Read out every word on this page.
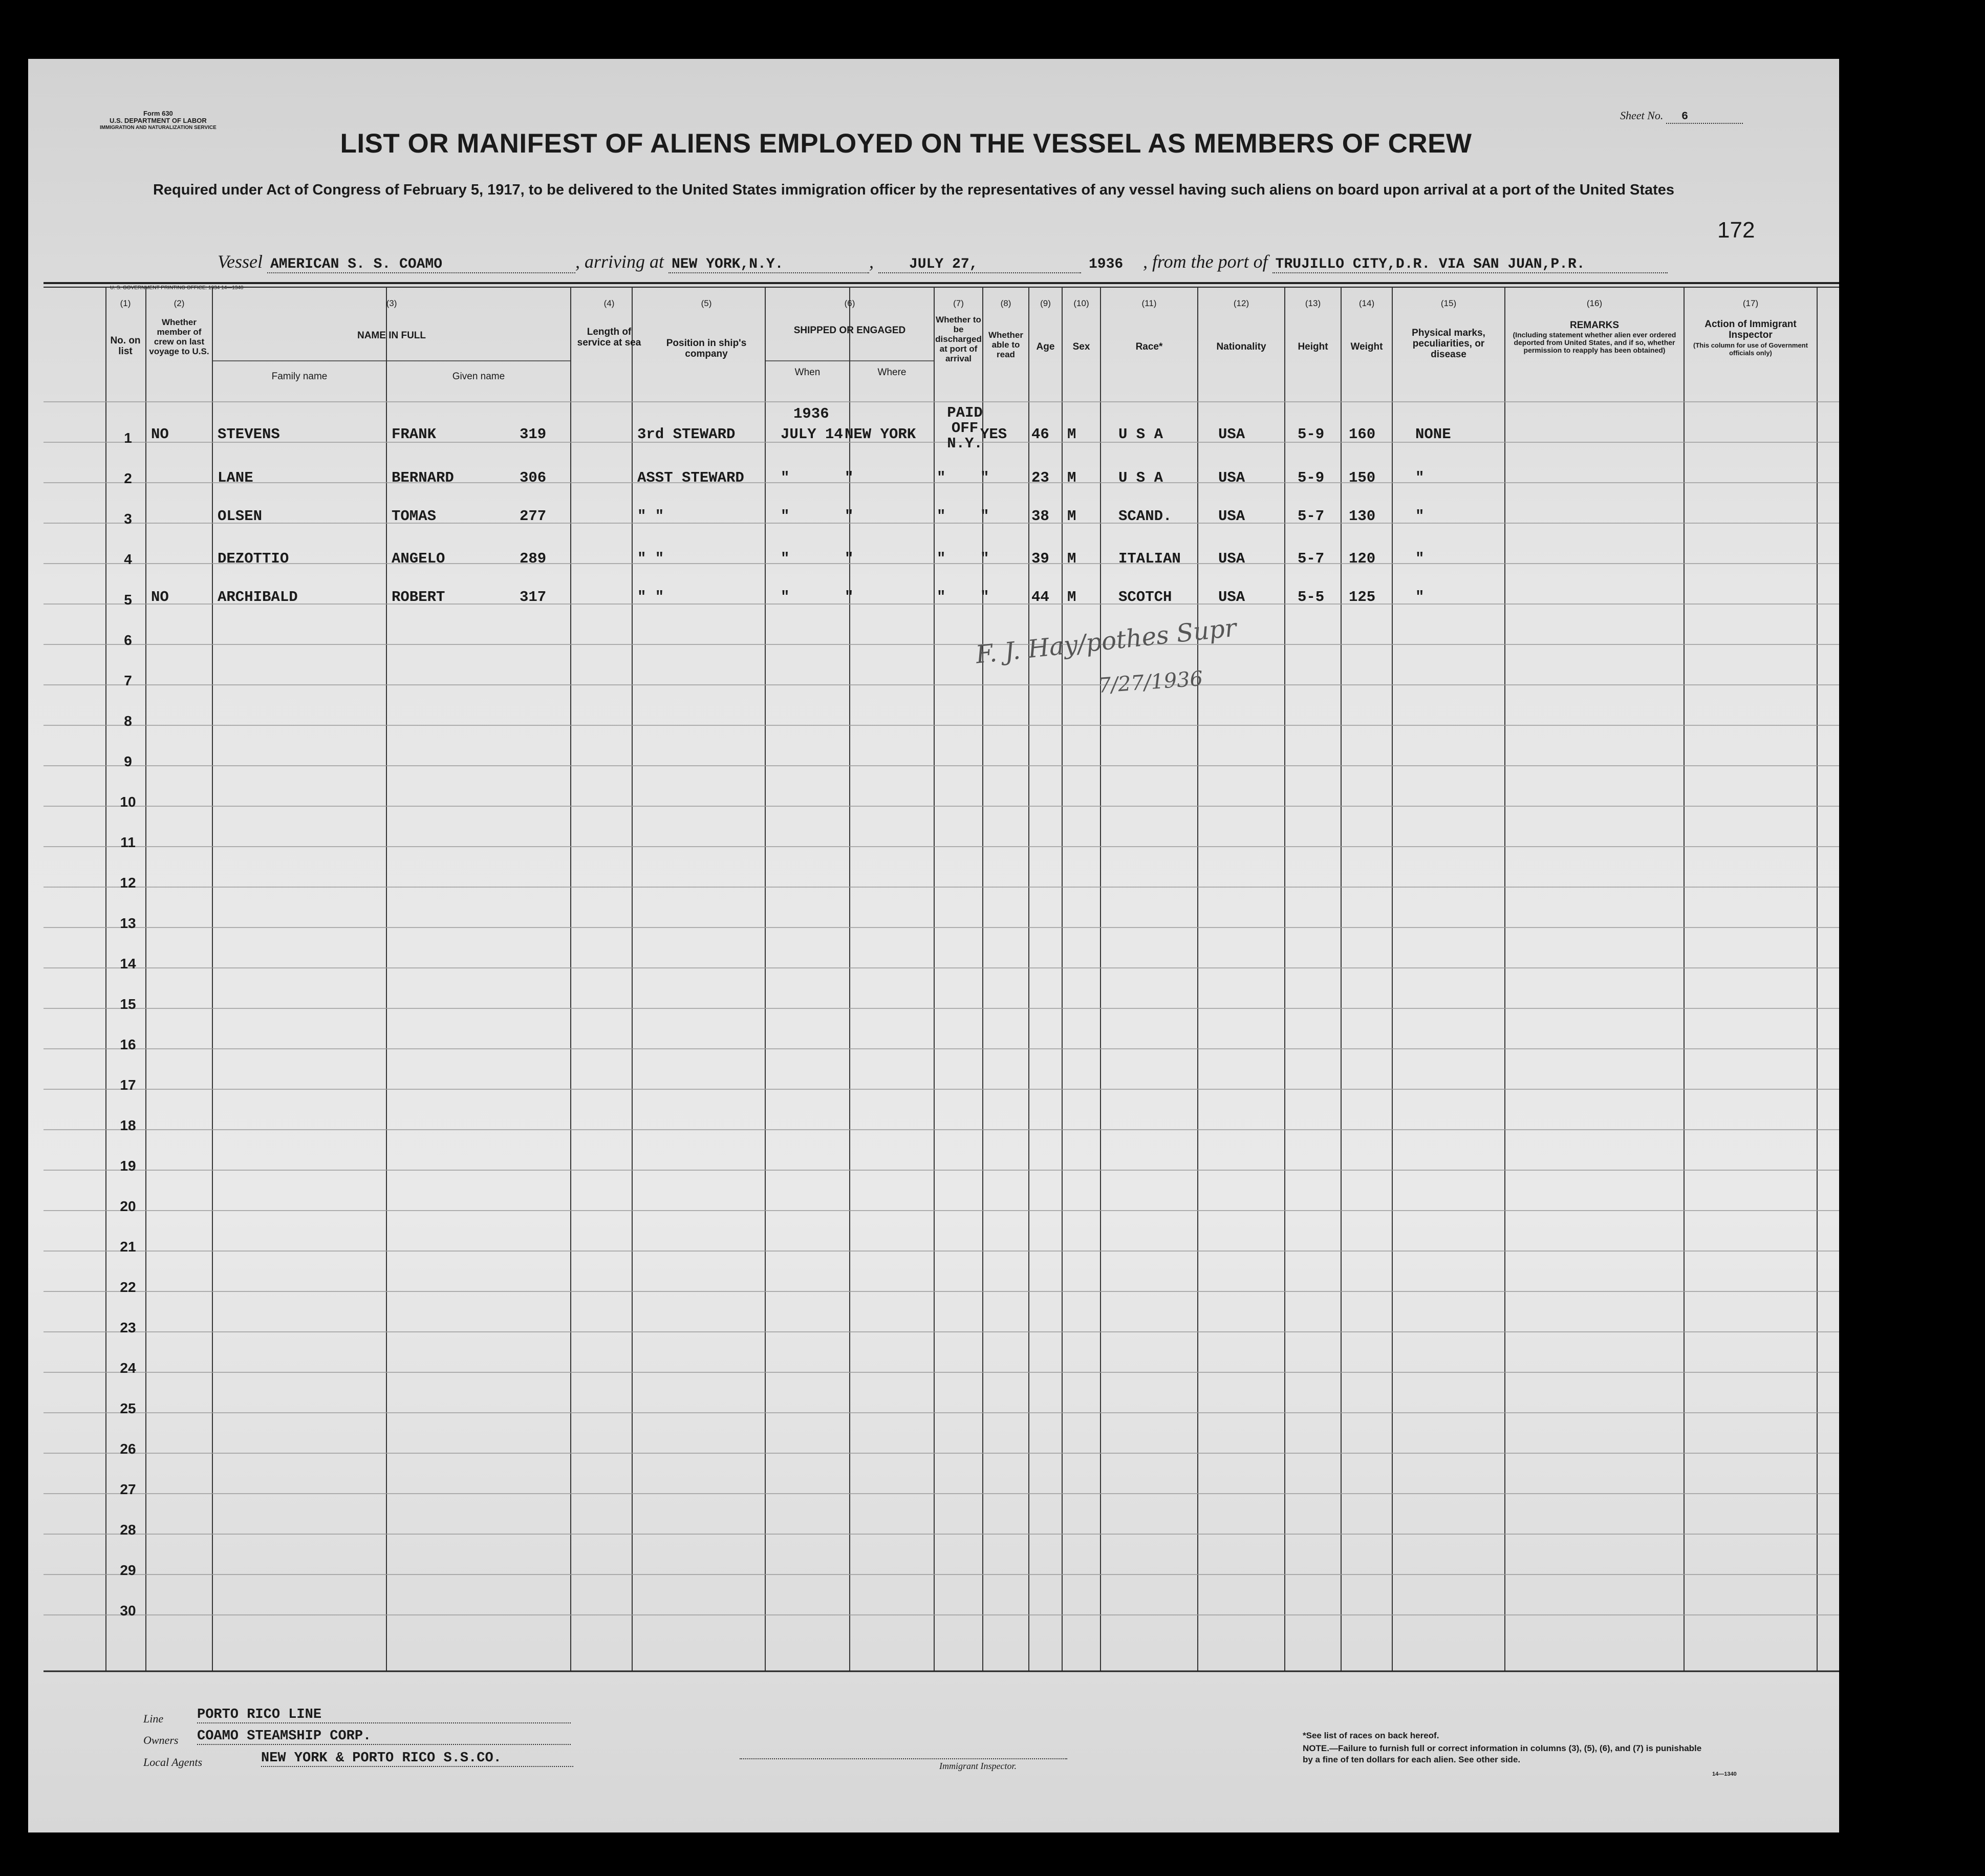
Form 630
U.S. DEPARTMENT OF LABOR
IMMIGRATION AND NATURALIZATION SERVICE
Sheet No. 6
LIST OR MANIFEST OF ALIENS EMPLOYED ON THE VESSEL AS MEMBERS OF CREW
Required under Act of Congress of February 5, 1917, to be delivered to the United States immigration officer by the representatives of any vessel having such aliens on board upon arrival at a port of the United States
172
Vessel AMERICAN S. S. COAMO	, arriving at NEW YORK,N.Y.	, JULY 27,	1936 , from the port of TRUJILLO CITY,D.R. VIA SAN JUAN,P.R.
U. S. GOVERNMENT PRINTING OFFICE: 1934 14—1340
(1)	(2)	(3)	(4)	(5)	(6)	(7)	(8)	(9)	(10)	(11)	(12)	(13)	(14)	(15)	(16)	(17)
No. on list
Whether member of crew on last voyage to U.S.
NAME IN FULL
Family name	Given name
Length of service at sea	Position in ship's company
SHIPPED OR ENGAGED
When	Where
Whether to be discharged at port of arrival
Whether able to read
Age	Sex	Race*	Nationality	Height	Weight
Physical marks, peculiarities, or disease
REMARKS
(Including statement whether alien ever ordered deported from United States, and if so, whether permission to reapply has been obtained)
Action of Immigrant Inspector
(This column for use of Government officials only)
1
2
3
4
5
6
7
8
9
10
11
12
13
14
15
16
17
18
19
20
21
22
23
24
25
26
27
28
29
30
NO	STEVENS	FRANK	319	3rd STEWARD	JULY 14 NEW YORK
PAID OFF N.Y.
YES 46 M	U S A	USA	5-9 160	NONE
1936
LANE	BERNARD	306	ASST STEWARD "	"	" "	23 M	U S A	USA	5-9 150	"
OLSEN	TOMAS	277	" "	"	"	" "	38 M	SCAND.	USA	5-7 130	"
DEZOTTIO	ANGELO	289	" "	"	"	" "	39 M	ITALIAN	USA	5-7 120	"
NO	ARCHIBALD	ROBERT	317	" "	"	"	" "	44 M	SCOTCH	USA	5-5 125	"
F. J. Hay/pothes Supr
7/27/1936
Line PORTO RICO LINE
Owners COAMO STEAMSHIP CORP.
Local Agents	NEW YORK & PORTO RICO S.S.CO.	Immigrant Inspector.
*See list of races on back hereof.
NOTE.—Failure to furnish full or correct information in columns (3), (5), (6), and (7) is punishable by a fine of ten dollars for each alien. See other side.
14—1340
